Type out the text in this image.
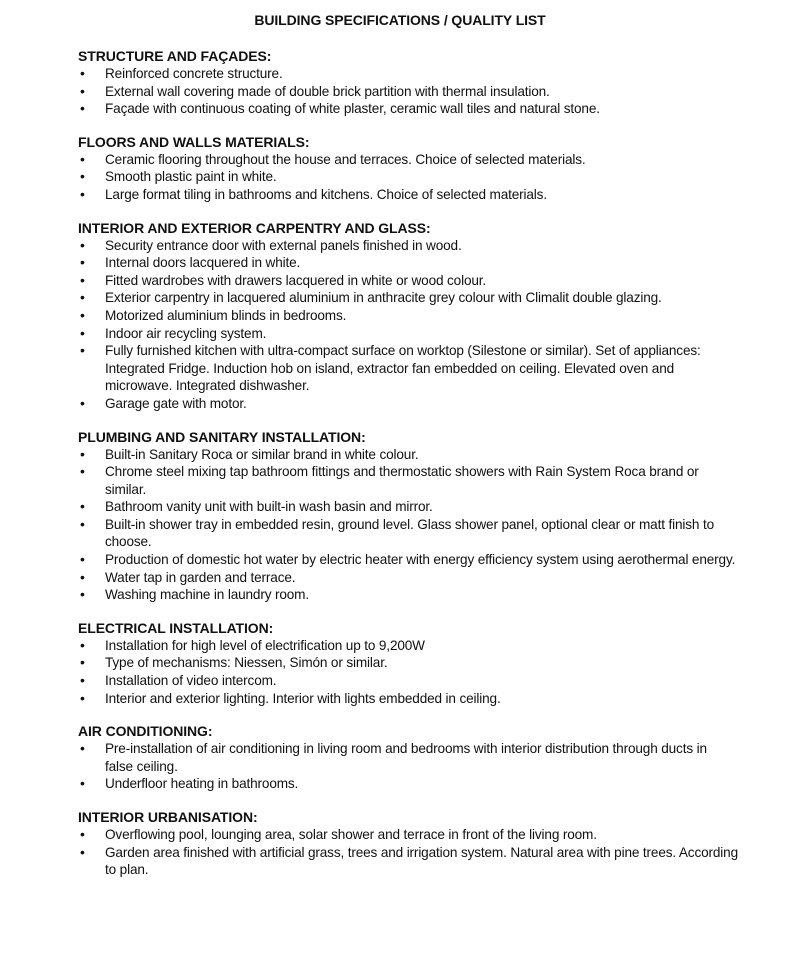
BUILDING SPECIFICATIONS / QUALITY LIST
STRUCTURE AND FAÇADES:
• Reinforced concrete structure.
• External wall covering made of double brick partition with thermal insulation.
• Façade with continuous coating of white plaster, ceramic wall tiles and natural stone.
FLOORS AND WALLS MATERIALS:
• Ceramic flooring throughout the house and terraces. Choice of selected materials.
• Smooth plastic paint in white.
• Large format tiling in bathrooms and kitchens. Choice of selected materials.
INTERIOR AND EXTERIOR CARPENTRY AND GLASS:
• Security entrance door with external panels finished in wood.
• Internal doors lacquered in white.
• Fitted wardrobes with drawers lacquered in white or wood colour.
• Exterior carpentry in lacquered aluminium in anthracite grey colour with Climalit double glazing.
• Motorized aluminium blinds in bedrooms.
• Indoor air recycling system.
• Fully furnished kitchen with ultra-compact surface on worktop (Silestone or similar). Set of appliances: Integrated Fridge. Induction hob on island, extractor fan embedded on ceiling. Elevated oven and microwave. Integrated dishwasher.
• Garage gate with motor.
PLUMBING AND SANITARY INSTALLATION:
• Built-in Sanitary Roca or similar brand in white colour.
• Chrome steel mixing tap bathroom fittings and thermostatic showers with Rain System Roca brand or similar.
• Bathroom vanity unit with built-in wash basin and mirror.
• Built-in shower tray in embedded resin, ground level. Glass shower panel, optional clear or matt finish to choose.
• Production of domestic hot water by electric heater with energy efficiency system using aerothermal energy.
• Water tap in garden and terrace.
• Washing machine in laundry room.
ELECTRICAL INSTALLATION:
• Installation for high level of electrification up to 9,200W
• Type of mechanisms: Niessen, Simón or similar.
• Installation of video intercom.
• Interior and exterior lighting. Interior with lights embedded in ceiling.
AIR CONDITIONING:
• Pre-installation of air conditioning in living room and bedrooms with interior distribution through ducts in false ceiling.
• Underfloor heating in bathrooms.
INTERIOR URBANISATION:
• Overflowing pool, lounging area, solar shower and terrace in front of the living room.
• Garden area finished with artificial grass, trees and irrigation system. Natural area with pine trees. According to plan.
